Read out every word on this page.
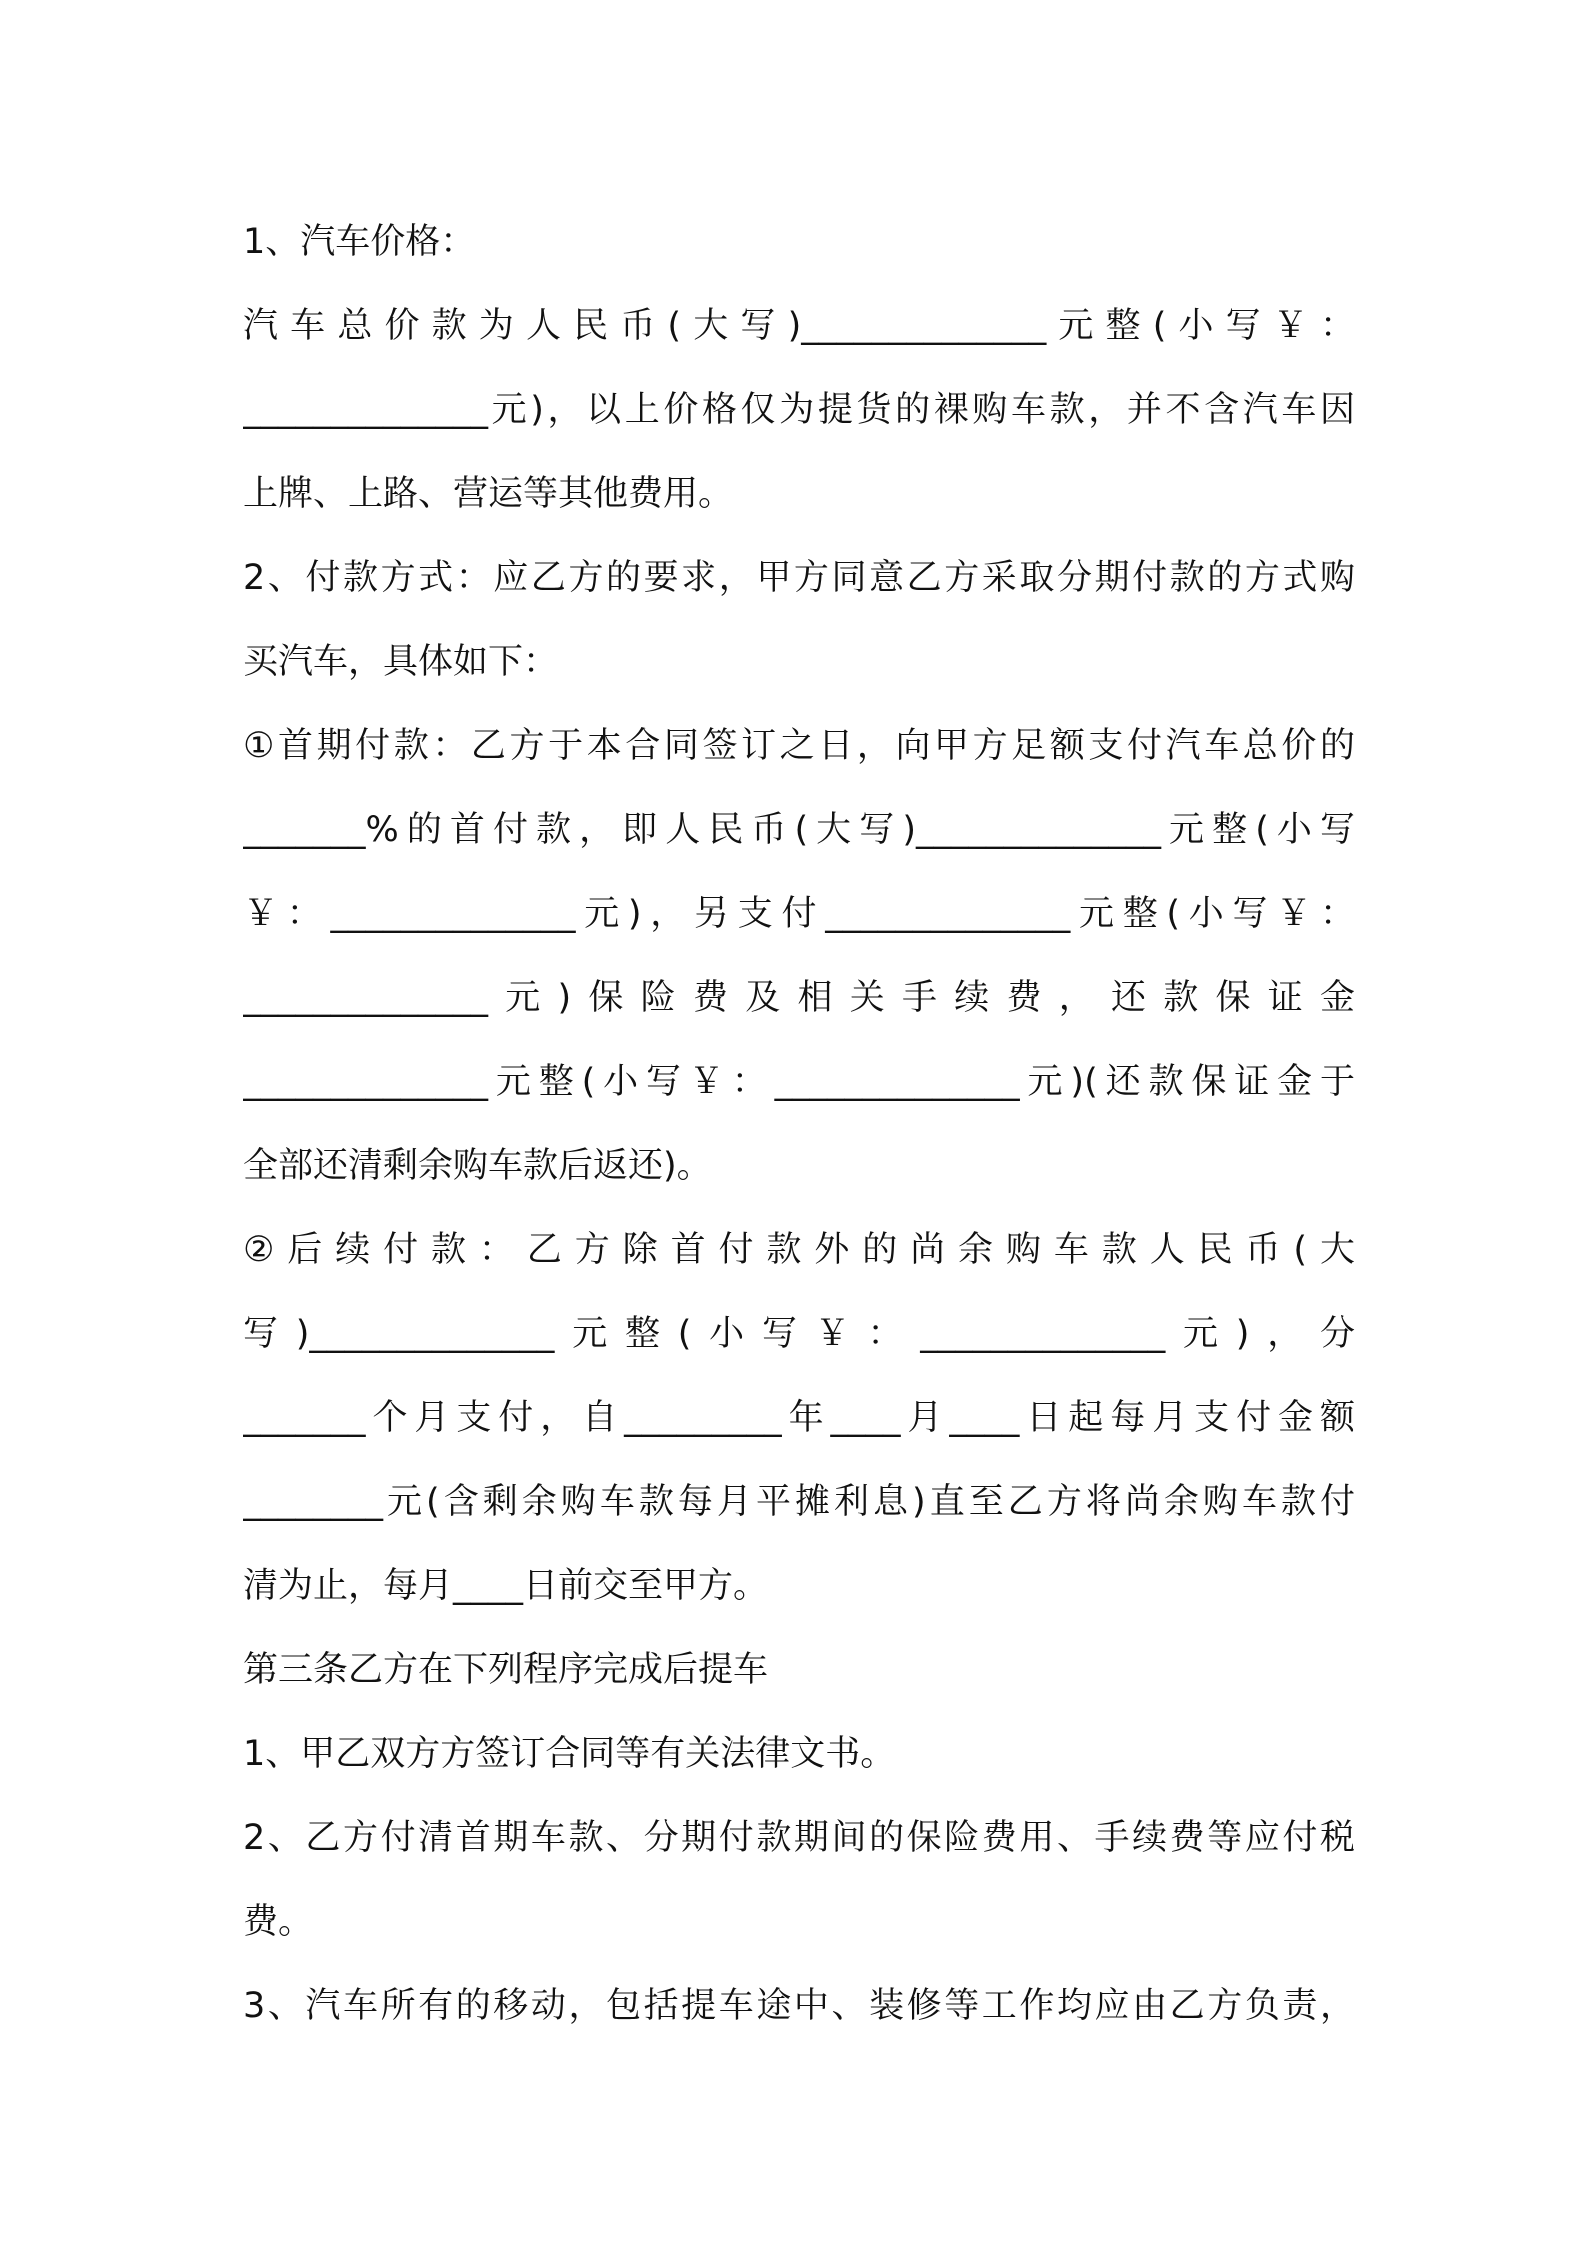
1、汽车价格：
汽车总价款为人民币(大写)______________元整(小写￥：
______________元)，以上价格仅为提货的裸购车款，并不含汽车因
上牌、上路、营运等其他费用。
2、付款方式：应乙方的要求，甲方同意乙方采取分期付款的方式购
买汽车，具体如下：
①首期付款：乙方于本合同签订之日，向甲方足额支付汽车总价的
_______%的首付款，即人民币(大写)______________元整(小写
￥：______________元)，另支付______________元整(小写￥：
______________元)保险费及相关手续费，还款保证金
______________元整(小写￥：______________元)(还款保证金于
全部还清剩余购车款后返还)。
②后续付款：乙方除首付款外的尚余购车款人民币(大
写)______________元整(小写￥：______________元)，分
_______个月支付，自_________年____月____日起每月支付金额
________元(含剩余购车款每月平摊利息)直至乙方将尚余购车款付
清为止，每月____日前交至甲方。
第三条乙方在下列程序完成后提车
1、甲乙双方方签订合同等有关法律文书。
2、乙方付清首期车款、分期付款期间的保险费用、手续费等应付税
费。
3、汽车所有的移动，包括提车途中、装修等工作均应由乙方负责，
